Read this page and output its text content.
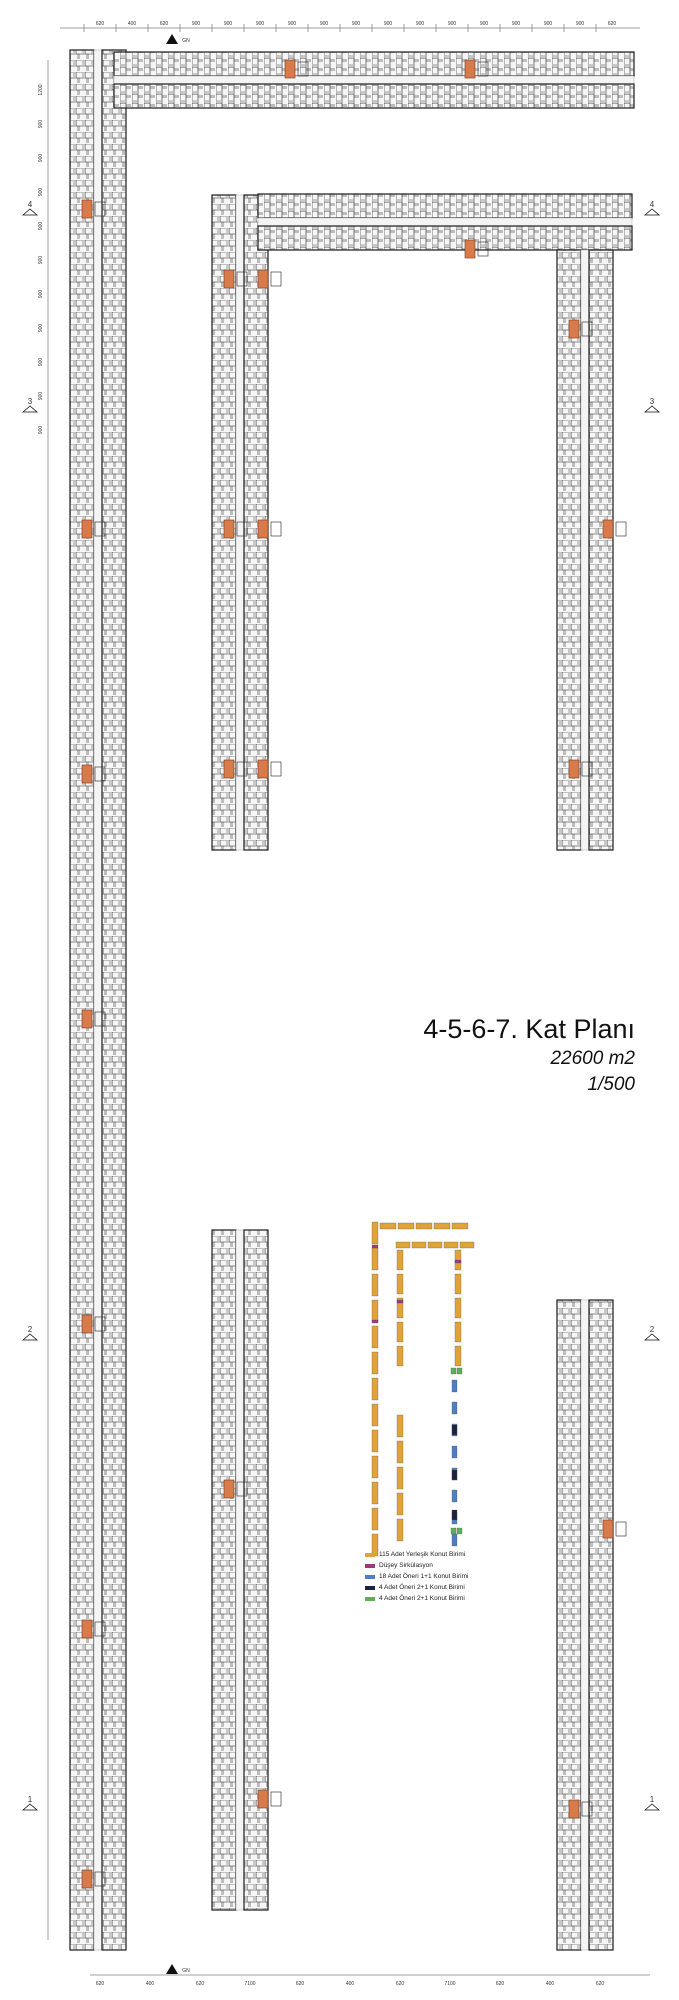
620	400	620	900	900	900	900	900	900	900	900	900	900	900	900	900	620
1200
900
900
900
900
900
900
900
900
900
900
620	400	620	7100	620	400	620	7100	620	400	620
4	4
3	3
2	2
1	1
GN
GN
4-5-6-7. Kat Planı
22600 m2
1/500
115 Adet Yerleşik Konut Birimi
Düşey Sirkülasyon
18 Adet Öneri 1+1 Konut Birimi
4 Adet Öneri 2+1 Konut Birimi
4 Adet Öneri 2+1 Konut Birimi
